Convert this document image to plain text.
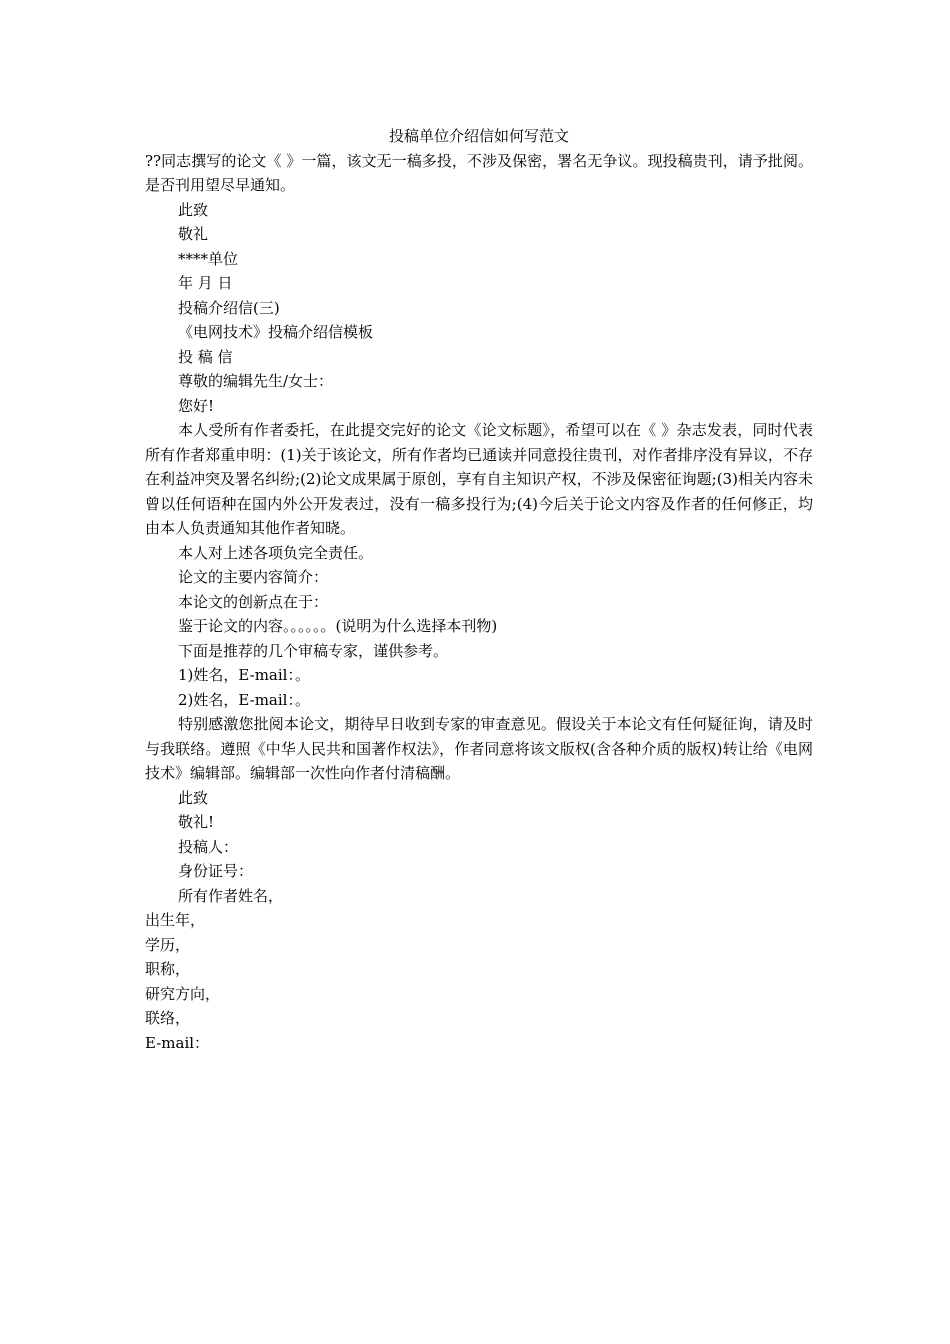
投稿单位介绍信如何写范文

??同志撰写的论文《 》一篇，该文无一稿多投，不涉及保密，署名无争议。现投稿贵刊，请予批阅。是否刊用望尽早通知。

此致

敬礼

****单位

年 月 日

投稿介绍信(三)

《电网技术》投稿介绍信模板

投 稿 信

尊敬的编辑先生/女士：

您好!

本人受所有作者委托，在此提交完好的论文《论文标题》，希望可以在《 》杂志发表，同时代表所有作者郑重申明：(1)关于该论文，所有作者均已通读并同意投往贵刊，对作者排序没有异议，不存在利益冲突及署名纠纷;(2)论文成果属于原创，享有自主知识产权，不涉及保密征询题;(3)相关内容未曾以任何语种在国内外公开发表过，没有一稿多投行为;(4)今后关于论文内容及作者的任何修正，均由本人负责通知其他作者知晓。

本人对上述各项负完全责任。

论文的主要内容简介：

本论文的创新点在于：

鉴于论文的内容。。。。。。(说明为什么选择本刊物)

下面是推荐的几个审稿专家，谨供参考。

1)姓名，E-mail：。

2)姓名，E-mail：。

特别感激您批阅本论文，期待早日收到专家的审查意见。假设关于本论文有任何疑征询，请及时与我联络。遵照《中华人民共和国著作权法》，作者同意将该文版权(含各种介质的版权)转让给《电网技术》编辑部。编辑部一次性向作者付清稿酬。

此致

敬礼!

投稿人：

身份证号：

所有作者姓名，

出生年，

学历，

职称，

研究方向，

联络，

E-mail：
